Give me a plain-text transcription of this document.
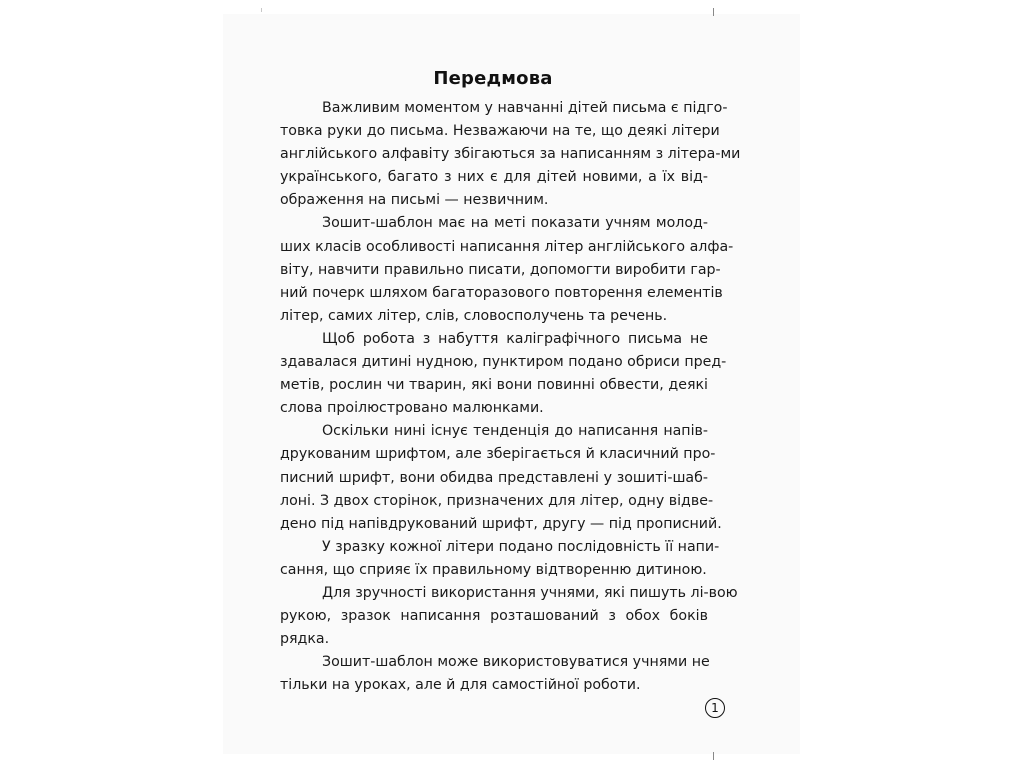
Передмова
Важливим моментом у навчанні дітей письма є підго-
товка руки до письма. Незважаючи на те, що деякі літери
англійського алфавіту збігаються за написанням з літера-ми
українського, багато з них є для дітей новими, а їх від-
ображення на письмі — незвичним.
Зошит-шаблон має на меті показати учням молод-
ших класів особливості написання літер англійського алфа-
віту, навчити правильно писати, допомогти виробити гар-
ний почерк шляхом багаторазового повторення елементів
літер, самих літер, слів, словосполучень та речень.
Щоб робота з набуття каліграфічного письма не
здавалася дитині нудною, пунктиром подано обриси пред-
метів, рослин чи тварин, які вони повинні обвести, деякі
слова проілюстровано малюнками.
Оскільки нині існує тенденція до написання напів-
друкованим шрифтом, але зберігається й класичний про-
писний шрифт, вони обидва представлені у зошиті-шаб-
лоні. З двох сторінок, призначених для літер, одну відве-
дено під напівдрукований шрифт, другу — під прописний.
У зразку кожної літери подано послідовність її напи-
сання, що сприяє їх правильному відтворенню дитиною.
Для зручності використання учнями, які пишуть лі-вою
рукою, зразок написання розташований з обох боків
рядка.
Зошит-шаблон може використовуватися учнями не
тільки на уроках, але й для самостійної роботи.
1
